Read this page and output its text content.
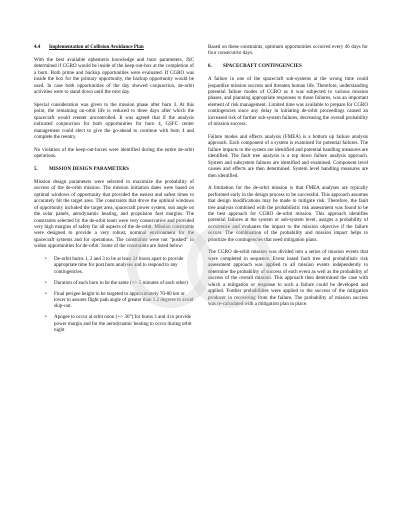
4.4	Implementation of Collision Avoidance Plan

With the best available ephemeris knowledge and burn parameters, JSC determined if CGRO would be inside of the keep-out-box at the completion of a burn. Both prime and backup opportunities were evaluated. If CGRO was inside the box for the primary opportunity, the backup opportunity would be used. In case both opportunities of the day showed conjunction, de-orbit activities were to stand down until the next day.

Special consideration was given to the mission phase after burn 3. At this point, the remaining on-orbit life is reduced to three days after which the spacecraft would reenter uncontrolled. It was agreed that if the analysis indicated conjunction for both opportunities for burn 4, GSFC center management could elect to give the go-ahead to continue with burn 4 and complete the reentry.

No violation of the keep-out-boxes were identified during the entire de-orbit operations.

5.	MISSION DESIGN PARAMETERS

Mission design parameters were selected to maximize the probability of success of the de-orbit mission. The mission initiation dates were based on optimal windows of opportunity that provided the easiest and safest times to accurately hit the target area. The constraints that drove the optimal windows of opportunity included the target area, spacecraft power system, sun angle on the solar panels, aerodynamic heating, and propulsion fuel margins. The constraints selected by the de-orbit team were very conservative and provided very high margins of safety for all aspects of the de-orbit. Mission constraints were designed to provide a very robust, nominal environment for the spacecraft systems and for operations. The constraints were not "pushed" to widen opportunities for de-orbit. Some of the constraints are listed below:

• De-orbit burns 1, 2 and 3 to be at least 24 hours apart to provide appropriate time for post burn analyses and to respond to any contingencies.
• Duration of each burn to be the same (+/- 5 minutes of each other)
• Final perigee height to be targeted to approximately 70-80 km or lower to assures flight path angle of greater than 1.2 degrees to avoid skip-out.
• Apogee to occur at orbit noon (+/- 30°) for burns 3 and 4 to provide power margin and for the aerodynamic heating to occur during orbit night

Based on these constraints, optimum opportunities occurred every 46 days for four consecutive days.

6.	SPACECRAFT CONTINGENCIES

A failure in one of the spacecraft sub-systems at the wrong time could jeopardize mission success and threaten human life. Therefore, understanding potential failure modes of CGRO as it was subjected to various mission phases, and planning appropriate responses to those failures, was an important element of risk management. Limited time was available to prepare for CGRO contingencies since any delay in initiating de-orbit proceedings caused an increased risk of further sub-system failures, decreasing the overall probability of mission success.

Failure modes and effects analysis (FMEA) is a bottom up failure analysis approach. Each component of a system is examined for potential failures. The failure impacts to the system are identified and potential handling measures are identified. The fault tree analysis is a top down failure analysis approach. System and subsystem failures are identified and examined. Component level causes and effects are then determined. System level handling measures are then identified.

A limitation for the de-orbit mission is that FMEA analyses are typically performed early in the design process to be successful. This approach assumes that design modifications may be made to mitigate risk. Therefore, the fault tree analysis combined with the probabilistic risk assessment was found to be the best approach for CGRO de-orbit mission. This approach identifies potential failures at the system or sub-system level, assigns a probability of occurrence and evaluates the impact to the mission objective if the failure occurs. The combination of the probability and mission impact helps to prioritize the contingencies that need mitigation plans.

The CGRO de-orbit mission was divided into a series of mission events that were completed in sequence. Event based fault tree and probabilistic risk assessment approach was applied to all mission events independently to determine the probability of success of each event as well as the probability of success of the overall mission. This approach then determined the case with which a mitigation or response to such a failure could be developed and applied. Further probabilities were applied to the success of the mitigation producer in recovering from the failure. The probability of mission success was re-calculated with a mitigation plan in place.
